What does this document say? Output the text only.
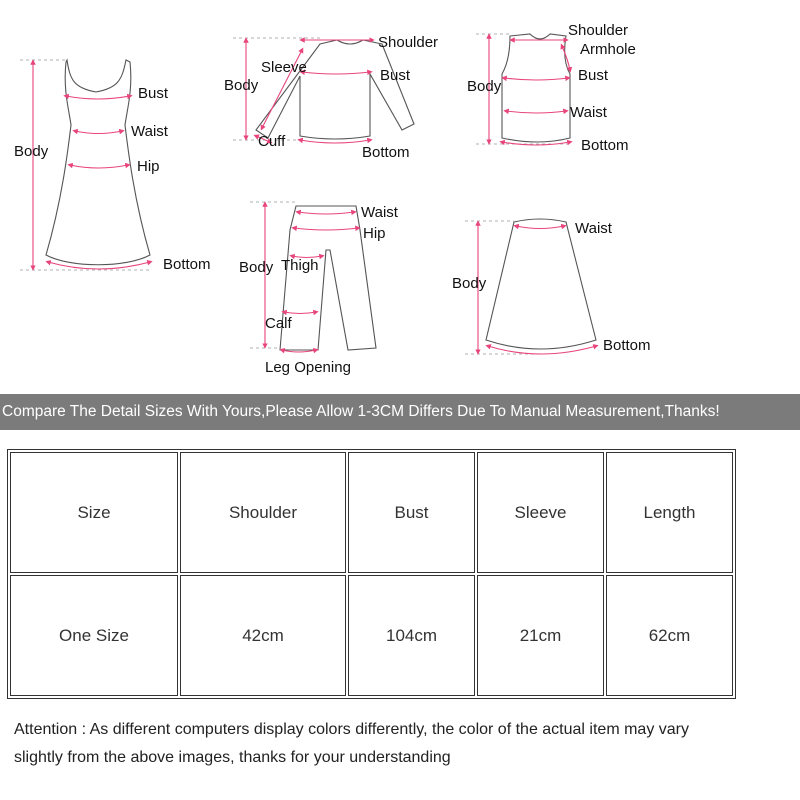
Body
Bust
Waist
Hip
Bottom
Body
Sleeve
Shoulder
Bust
Cuff
Bottom
Body
Shoulder
Armhole
Bust
Waist
Bottom
Body Thigh
Waist
Hip
Calf
Leg Opening
Body
Waist
Bottom
Compare The Detail Sizes With Yours,Please Allow 1-3CM Differs Due To Manual Measurement,Thanks!
Size	Shoulder	Bust	Sleeve	Length
One Size	42cm	104cm	21cm	62cm
Attention : As different computers display colors differently, the color of the actual item may vary slightly from the above images, thanks for your understanding
